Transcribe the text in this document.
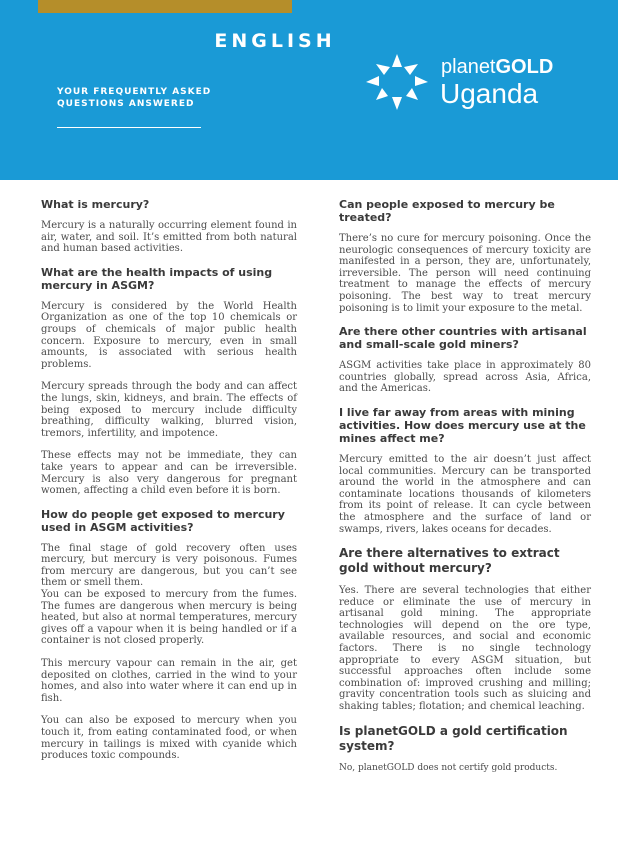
ENGLISH
YOUR FREQUENTLY ASKED
QUESTIONS ANSWERED
planetGOLD
Uganda
What is mercury?
Mercury is a naturally occurring element found in air, water, and soil. It’s emitted from both natural and human based activities.
What are the health impacts of using mercury in ASGM?
Mercury is considered by the World Health Organization as one of the top 10 chemicals or groups of chemicals of major public health concern. Exposure to mercury, even in small amounts, is associated with serious health problems.
Mercury spreads through the body and can affect the lungs, skin, kidneys, and brain. The effects of being exposed to mercury include difficulty breathing, difficulty walking, blurred vision, tremors, infertility, and impotence.
These effects may not be immediate, they can take years to appear and can be irreversible. Mercury is also very dangerous for pregnant women, affecting a child even before it is born.
How do people get exposed to mercury used in ASGM activities?
The final stage of gold recovery often uses mercury, but mercury is very poisonous. Fumes from mercury are dangerous, but you can’t see them or smell them.
You can be exposed to mercury from the fumes. The fumes are dangerous when mercury is being heated, but also at normal temperatures, mercury gives off a vapour when it is being handled or if a container is not closed properly.
This mercury vapour can remain in the air, get deposited on clothes, carried in the wind to your homes, and also into water where it can end up in fish.
You can also be exposed to mercury when you touch it, from eating contaminated food, or when mercury in tailings is mixed with cyanide which produces toxic compounds.
Can people exposed to mercury be treated?
There’s no cure for mercury poisoning. Once the neurologic consequences of mercury toxicity are manifested in a person, they are, unfortunately, irreversible. The person will need continuing treatment to manage the effects of mercury poisoning. The best way to treat mercury poisoning is to limit your exposure to the metal.
Are there other countries with artisanal and small-scale gold miners?
ASGM activities take place in approximately 80 countries globally, spread across Asia, Africa, and the Americas.
I live far away from areas with mining activities. How does mercury use at the mines affect me?
Mercury emitted to the air doesn’t just affect local communities. Mercury can be transported around the world in the atmosphere and can contaminate locations thousands of kilometers from its point of release. It can cycle between the atmosphere and the surface of land or swamps, rivers, lakes oceans for decades.
Are there alternatives to extract gold without mercury?
Yes. There are several technologies that either reduce or eliminate the use of mercury in artisanal gold mining. The appropriate technologies will depend on the ore type, available resources, and social and economic factors. There is no single technology appropriate to every ASGM situation, but successful approaches often include some combination of: improved crushing and milling; gravity concentration tools such as sluicing and shaking tables; flotation; and chemical leaching.
Is planetGOLD a gold certification system?
No, planetGOLD does not certify gold products.
